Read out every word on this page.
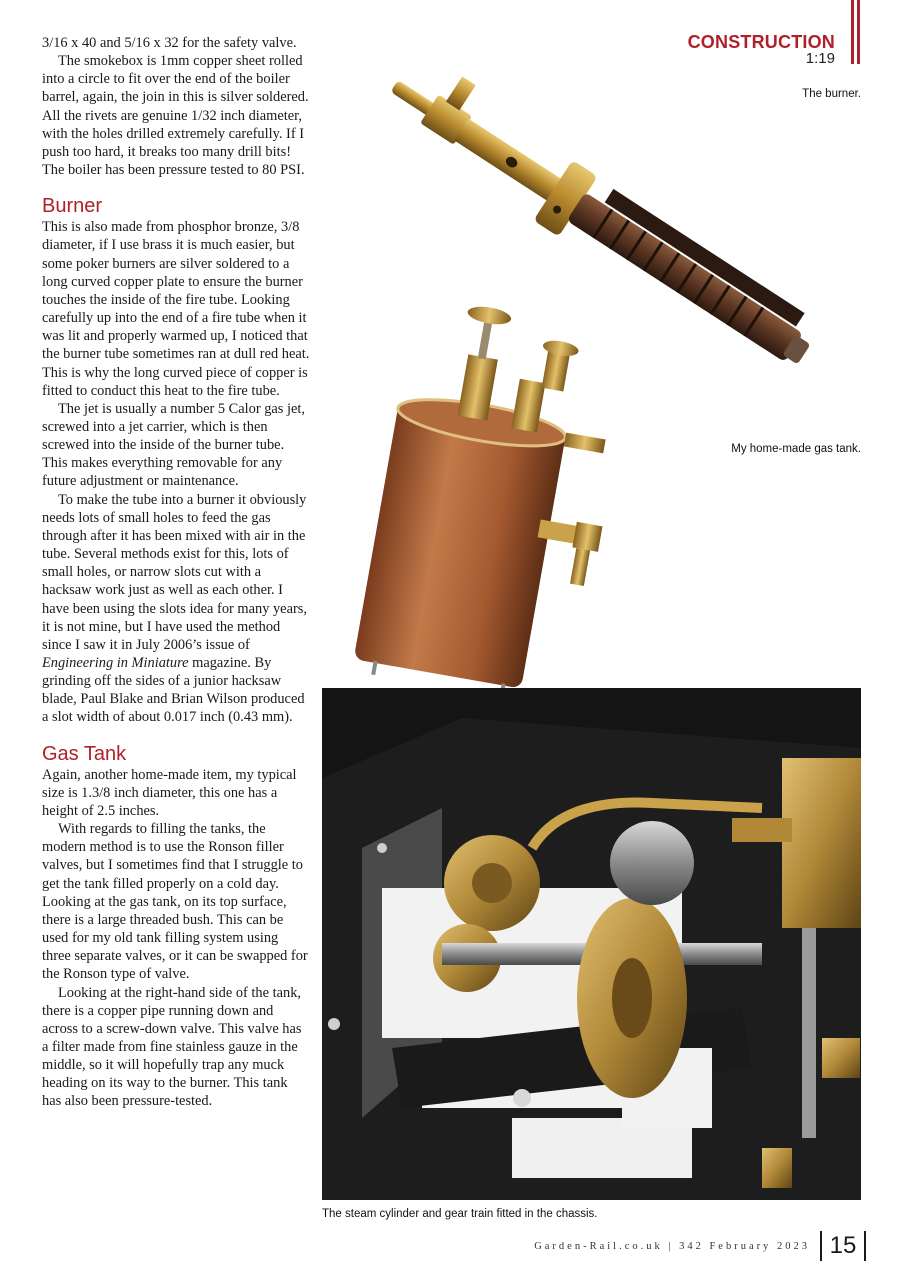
CONSTRUCTION
1:19

3/16 x 40 and 5/16 x 32 for the safety valve.

The smokebox is 1mm copper sheet rolled into a circle to fit over the end of the boiler barrel, again, the join in this is silver soldered. All the rivets are genuine 1/32 inch diameter, with the holes drilled extremely carefully. If I push too hard, it breaks too many drill bits! The boiler has been pressure tested to 80 PSI.

Burner

This is also made from phosphor bronze, 3/8 diameter, if I use brass it is much easier, but some poker burners are silver soldered to a long curved copper plate to ensure the burner touches the inside of the fire tube. Looking carefully up into the end of a fire tube when it was lit and properly warmed up, I noticed that the burner tube sometimes ran at dull red heat. This is why the long curved piece of copper is fitted to conduct this heat to the fire tube.

The jet is usually a number 5 Calor gas jet, screwed into a jet carrier, which is then screwed into the inside of the burner tube. This makes everything removable for any future adjustment or maintenance.

To make the tube into a burner it obviously needs lots of small holes to feed the gas through after it has been mixed with air in the tube. Several methods exist for this, lots of small holes, or narrow slots cut with a hacksaw work just as well as each other. I have been using the slots idea for many years, it is not mine, but I have used the method since I saw it in July 2006’s issue of Engineering in Miniature magazine. By grinding off the sides of a junior hacksaw blade, Paul Blake and Brian Wilson produced a slot width of about 0.017 inch (0.43 mm).

Gas Tank

Again, another home-made item, my typical size is 1.3/8 inch diameter, this one has a height of 2.5 inches.

With regards to filling the tanks, the modern method is to use the Ronson filler valves, but I sometimes find that I struggle to get the tank filled properly on a cold day. Looking at the gas tank, on its top surface, there is a large threaded bush. This can be used for my old tank filling system using three separate valves, or it can be swapped for the Ronson type of valve.

Looking at the right-hand side of the tank, there is a copper pipe running down and across to a screw-down valve. This valve has a filter made from fine stainless gauze in the middle, so it will hopefully trap any muck heading on its way to the burner. This tank has also been pressure-tested.

The burner.
My home-made gas tank.
The steam cylinder and gear train fitted in the chassis.
Garden-Rail.co.uk | 342 February 2023 15
